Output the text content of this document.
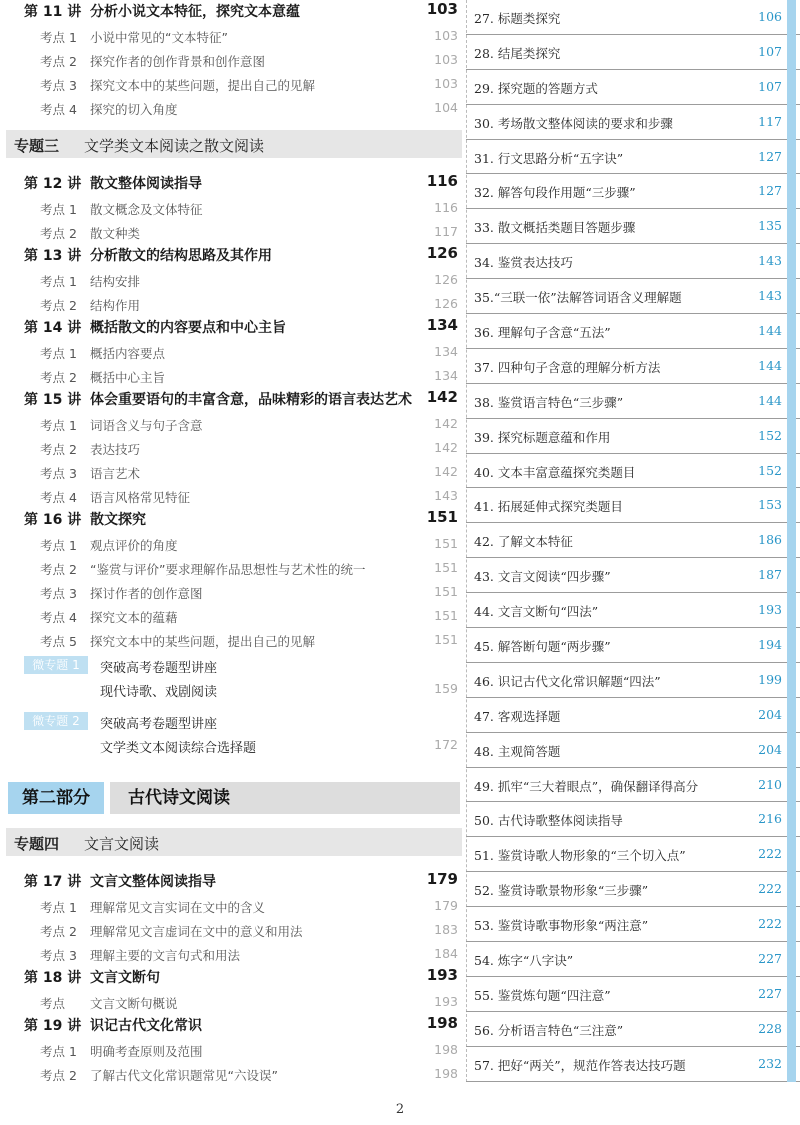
第 11 讲 分析小说文本特征，探究文本意蕴	103
考点 1 小说中常见的“文本特征”	103
考点 2 探究作者的创作背景和创作意图	103
考点 3 探究文本中的某些问题，提出自己的见解	103
考点 4 探究的切入角度	104
专题三 文学类文本阅读之散文阅读
第 12 讲 散文整体阅读指导	116
考点 1 散文概念及文体特征	116
考点 2 散文种类	117
第 13 讲 分析散文的结构思路及其作用	126
考点 1 结构安排	126
考点 2 结构作用	126
第 14 讲 概括散文的内容要点和中心主旨	134
考点 1 概括内容要点	134
考点 2 概括中心主旨	134
第 15 讲 体会重要语句的丰富含意，品味精彩的语言表达艺术 142
考点 1 词语含义与句子含意	142
考点 2 表达技巧	142
考点 3 语言艺术	142
考点 4 语言风格常见特征	143
第 16 讲 散文探究	151
考点 1 观点评价的角度	151
考点 2 “鉴赏与评价”要求理解作品思想性与艺术性的统一	151
考点 3 探讨作者的创作意图	151
考点 4 探究文本的蕴藉	151
考点 5 探究文本中的某些问题，提出自己的见解	151
微专题 1	突破高考卷题型讲座
现代诗歌、戏剧阅读	159
微专题 2	突破高考卷题型讲座
文学类文本阅读综合选择题	172
第二部分	古代诗文阅读
专题四 文言文阅读
第 17 讲 文言文整体阅读指导	179
考点 1 理解常见文言实词在文中的含义	179
考点 2 理解常见文言虚词在文中的意义和用法	183
考点 3 理解主要的文言句式和用法	184
第 18 讲 文言文断句	193
考点 文言文断句概说	193
第 19 讲 识记古代文化常识	198
考点 1 明确考查原则及范围	198
考点 2 了解古代文化常识题常见“六设误”	198
27. 标题类探究	106
28. 结尾类探究	107
29. 探究题的答题方式	107
30. 考场散文整体阅读的要求和步骤	117
31. 行文思路分析“五字诀”	127
32. 解答句段作用题“三步骤”	127
33. 散文概括类题目答题步骤	135
34. 鉴赏表达技巧	143
35.“三联一依”法解答词语含义理解题	143
36. 理解句子含意“五法”	144
37. 四种句子含意的理解分析方法	144
38. 鉴赏语言特色“三步骤”	144
39. 探究标题意蕴和作用	152
40. 文本丰富意蕴探究类题目	152
41. 拓展延伸式探究类题目	153
42. 了解文本特征	186
43. 文言文阅读“四步骤”	187
44. 文言文断句“四法”	193
45. 解答断句题“两步骤”	194
46. 识记古代文化常识解题“四法”	199
47. 客观选择题	204
48. 主观简答题	204
49. 抓牢“三大着眼点”，确保翻译得高分	210
50. 古代诗歌整体阅读指导	216
51. 鉴赏诗歌人物形象的“三个切入点”	222
52. 鉴赏诗歌景物形象“三步骤”	222
53. 鉴赏诗歌事物形象“两注意”	222
54. 炼字“八字诀”	227
55. 鉴赏炼句题“四注意”	227
56. 分析语言特色“三注意”	228
57. 把好“两关”，规范作答表达技巧题	232
2
